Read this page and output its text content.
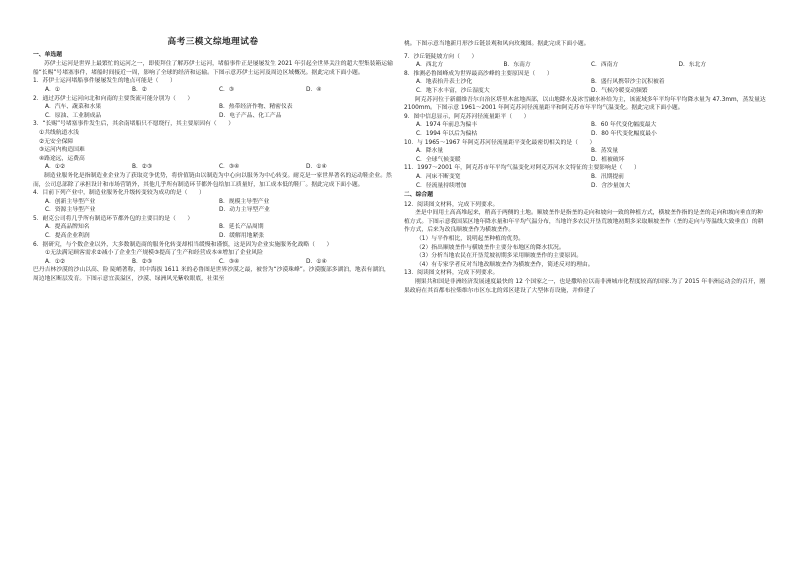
高考三模文综地理试卷
一、单选题

苏伊士运河是世界上最繁忙的运河之一，即使拜住了解苏伊士运河，堵船事件正是屡屡发生 2021 年引起全世界关注的超大型集装箱运输船“长赐”号堵塞事件，堵船时间接近一周，影响了全球的经济和运输。下图示意苏伊士运河及周边区域概况。据此完成下面小题。

1．苏伊士运河堵船事件屡屡发生的地点可能是（　　）

A．①	B．②	C．③	D．④

2．通过苏伊士运河向北和向南的主要货流可能分别为（　　）

A．汽车、蔬菜和水果	B．热带经济作物、精密仪表
C．原油、工业制成品	D．电子产品、化工产品

3．“长赐”号堵塞事件发生后，其余南堵船只不愿绕行，其主要原因有（　　）

①共线航道水浅
②无安全保障
③运河内构造国难
④路途远，运费高
A．①②	B．②③	C．③④	D．①④

制造业服务化是指制造业企业为了获取竞争优势，将价值链由以制造为中心向以服务为中心转变。耐克是一家世界著名的运动鞋企业。然而，公司总部除了承担设计和市场营销外，其他几乎所有制造环节都外包给加工质量好，加工成本低的鞋厂。据此完成下面小题。

4．目前下列产业中，制造业服务化升级转变较为成功的是（　　）

A．创新主导型产业	B．规模主导型产业
C．资源主导型产业	D．动力主导型产业

5．耐克公司将几乎所有制造环节都外包的主要目的是（　　）

A．提高品牌知名	B．延长产品周期
C．提高企业利润	D．缓解用地紧张

6．据研究，与个数企业以外，大多数制造商的服务化转变却相当缓慢和谨慎，这是因为企业实施服务化战略（　　）

①无法满足顾客需求②减小了企业生产规模③提高了生产和经营成本④增加了企业风险

A．①②	B．②③	C．③④	D．①④

巴丹吉林沙漠的沙山以高、险 陡峭著称，其中海拔 1611 米的必鲁图是世界沙漠之最，被誉为“沙漠珠峰”。沙漠腹部多湖泊，地表有湖泊，周边地区断层发育。下图示意宜羡溢区，沙漠、绿洲风光紫收眼底，社渠至

桃。下图示意当地新月形沙丘链景观和风向玫瑰图。据此完成下面小题。

7．沙丘链陡坡方向（　　）

A．西北方	B．东南方	C．西南方	D．东北方

8．推测必鲁图峰成为世界最高沙峰的主要原因是（　　）

A．地表抬升表土沙化	B．盛行风携带沙尘沉积被着
C．地下水丰富，沙丘湿度大	D．气候冷暖变动频繁

阿克苏河位于新疆维吾尔自治区塔里木盆地西部，以山地降水及冰雪融水补给为主，该流域多年平均年平均降水量为 47.3mm，蒸发量达 2100mm。下图示意 1961～2001 年阿克苏河径流量距平和阿克苏市年平均气温变化。据此完成下面小题。

9．图中信息显示，阿克苏河径流量距平（　　）

A．1974 年前总为偏丰	B．60 年代变化幅度最大
C．1994 年以后为偏枯	D．80 年代变化幅度最小

10．与 1965～1967 年阿克苏河径流量距平变化最密切相关的是（　　）

A．降水量	B．蒸发量
C．全球气候变暖	D．植被破坏

11．1997～2001 年，阿克苏市年平均气温变化对阿克苏河水文特征的主要影响是（　　）

A．河床不断变宽	B．汛期提前
C．径流量持续增加	D．含沙量加大
二、综合题

12．阅读图文材料，完成下列要求。

垄是中间用土高高堆起来，稍高于两侧的土地。顺坡垄作是指垄的走向和坡向一致的种植方式，横坡垄作指的是垄的走向和坡向垂直的种植方式。下图示意我国某区地年降水量和年平均气温分布，当地许多农民开垦荒坡地初期多采取顺坡垄作（垄的走向与等温线大致垂直）的耕作方式，后来为改良顺坡垄作为横坡垄作。

（1）与平作相比，说明起垄种植的优势。

（2）指出顺坡垄作与横坡垄作主要分布地区的降水状况。

（3）分析当地农民在开垦荒坡初期多采用顺坡垄作的主要原因。

（4）有专家学者反对当地改顺坡垄作为横坡垄作，简述反对的理由。

13．阅读图文材料，完成下列要求。

刚果共和国是非洲经济发展速度最快的 12 个国家之一，也是撒哈拉以南非洲城市化程度较高的国家.为了 2015 年非洲运动会的召开，刚果政府在其首都布拉柴维尔市区东北的郊区建设了大型体育设施，并修建了
